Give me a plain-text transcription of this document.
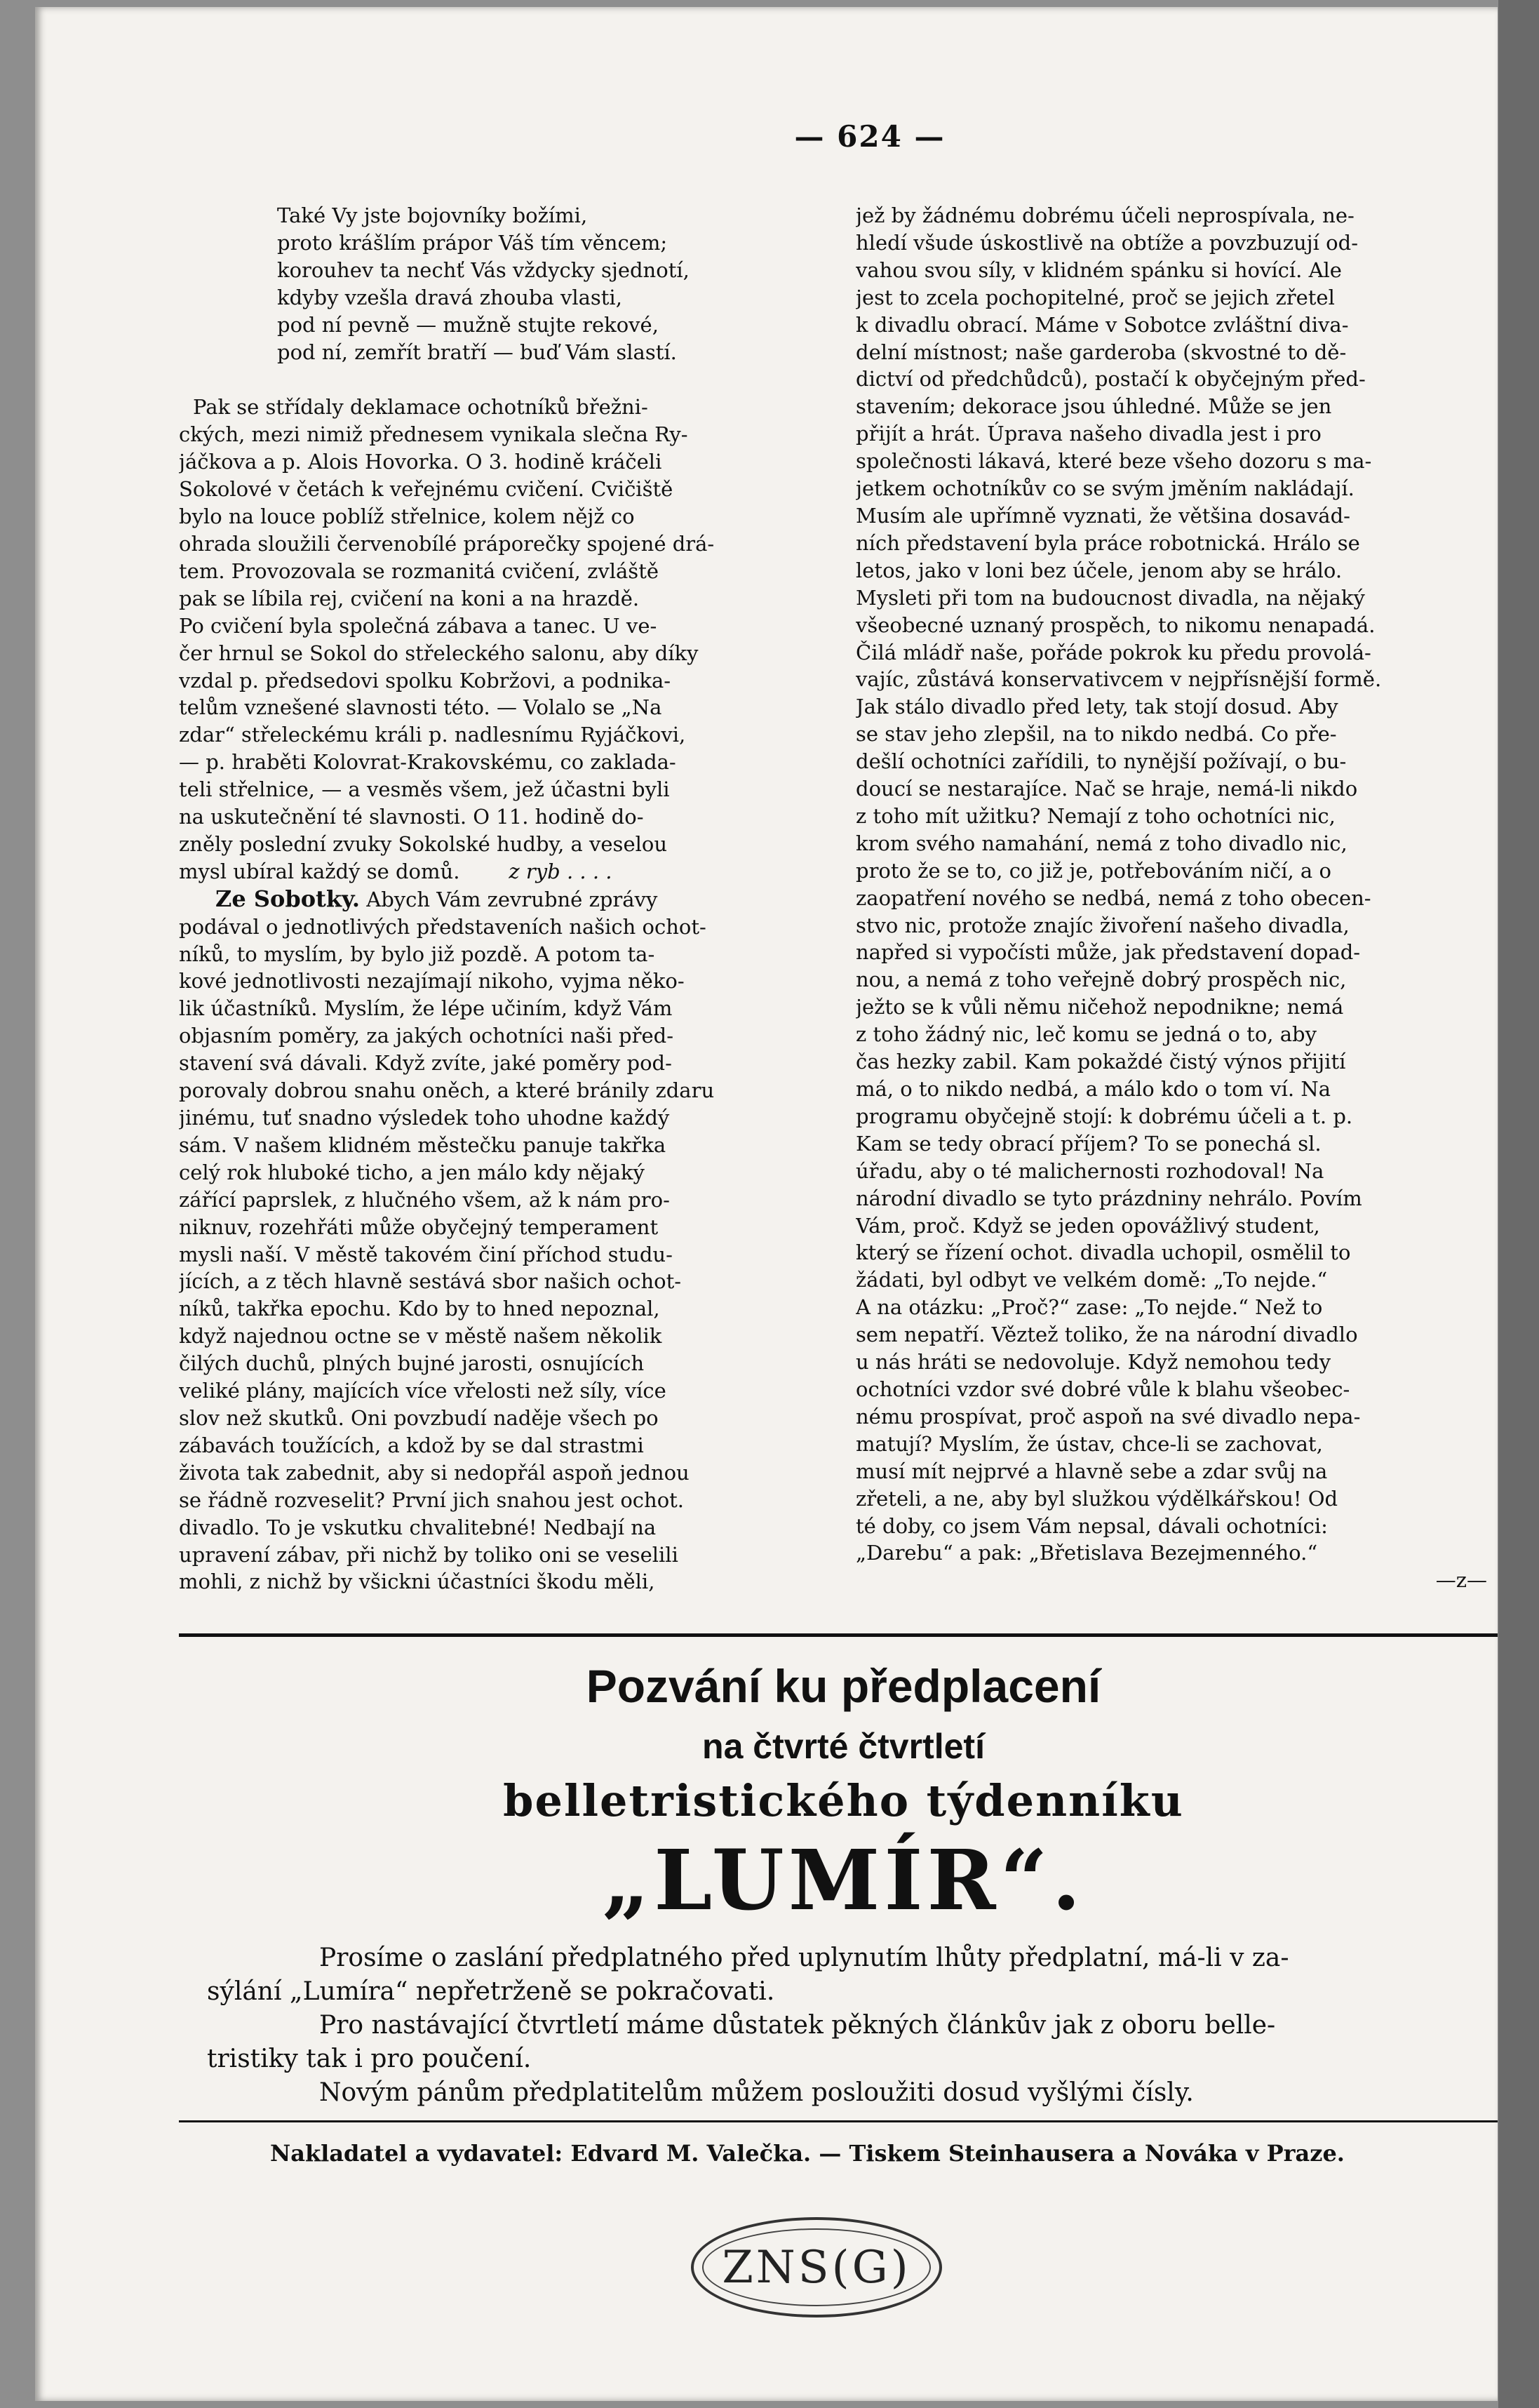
— 624 —
Také Vy jste bojovníky božími,
proto krášlím prápor Váš tím věncem;
korouhev ta nechť Vás vždycky sjednotí,
kdyby vzešla dravá zhouba vlasti,
pod ní pevně — mužně stujte rekové,
pod ní, zemřít bratří — buď Vám slastí.
Pak se střídaly deklamace ochotníků břežni-
ckých, mezi nimiž přednesem vynikala slečna Ry-
jáčkova a p. Alois Hovorka. O 3. hodině kráčeli
Sokolové v četách k veřejnému cvičení. Cvičiště
bylo na louce poblíž střelnice, kolem nějž co
ohrada sloužili červenobílé práporečky spojené drá-
tem. Provozovala se rozmanitá cvičení, zvláště
pak se líbila rej, cvičení na koni a na hrazdě.
Po cvičení byla společná zábava a tanec. U ve-
čer hrnul se Sokol do střeleckého salonu, aby díky
vzdal p. předsedovi spolku Kobržovi, a podnika-
telům vznešené slavnosti této. — Volalo se „Na
zdar“ střeleckému králi p. nadlesnímu Ryjáčkovi,
— p. hraběti Kolovrat-Krakovskému, co zaklada-
teli střelnice, — a vesměs všem, jež účastni byli
na uskutečnění té slavnosti. O 11. hodině do-
zněly poslední zvuky Sokolské hudby, a veselou
mysl ubíral každý se domů. z ryb . . . .
Ze Sobotky. Abych Vám zevrubné zprávy
podával o jednotlivých představeních našich ochot-
níků, to myslím, by bylo již pozdě. A potom ta-
kové jednotlivosti nezajímají nikoho, vyjma něko-
lik účastníků. Myslím, že lépe učiním, když Vám
objasním poměry, za jakých ochotníci naši před-
stavení svá dávali. Když zvíte, jaké poměry pod-
porovaly dobrou snahu oněch, a které bránily zdaru
jinému, tuť snadno výsledek toho uhodne každý
sám. V našem klidném městečku panuje takřka
celý rok hluboké ticho, a jen málo kdy nějaký
zářící paprslek, z hlučného všem, až k nám pro-
niknuv, rozehřáti může obyčejný temperament
mysli naší. V městě takovém činí příchod studu-
jících, a z těch hlavně sestává sbor našich ochot-
níků, takřka epochu. Kdo by to hned nepoznal,
když najednou octne se v městě našem několik
čilých duchů, plných bujné jarosti, osnujících
veliké plány, majících více vřelosti než síly, více
slov než skutků. Oni povzbudí naděje všech po
zábavách toužících, a kdož by se dal strastmi
života tak zabednit, aby si nedopřál aspoň jednou
se řádně rozveselit? První jich snahou jest ochot.
divadlo. To je vskutku chvalitebné! Nedbají na
upravení zábav, při nichž by toliko oni se veselili
mohli, z nichž by všickni účastníci škodu měli,
jež by žádnému dobrému účeli neprospívala, ne-
hledí všude úskostlivě na obtíže a povzbuzují od-
vahou svou síly, v klidném spánku si hovící. Ale
jest to zcela pochopitelné, proč se jejich zřetel
k divadlu obrací. Máme v Sobotce zvláštní diva-
delní místnost; naše garderoba (skvostné to dě-
dictví od předchůdců), postačí k obyčejným před-
stavením; dekorace jsou úhledné. Může se jen
přijít a hrát. Úprava našeho divadla jest i pro
společnosti lákavá, které beze všeho dozoru s ma-
jetkem ochotníkův co se svým jměním nakládají.
Musím ale upřímně vyznati, že většina dosavád-
ních představení byla práce robotnická. Hrálo se
letos, jako v loni bez účele, jenom aby se hrálo.
Mysleti při tom na budoucnost divadla, na nějaký
všeobecné uznaný prospěch, to nikomu nenapadá.
Čilá mládř naše, pořáde pokrok ku předu provolá-
vajíc, zůstává konservativcem v nejpřísnější formě.
Jak stálo divadlo před lety, tak stojí dosud. Aby
se stav jeho zlepšil, na to nikdo nedbá. Co pře-
dešlí ochotníci zařídili, to nynější požívají, o bu-
doucí se nestarajíce. Nač se hraje, nemá-li nikdo
z toho mít užitku? Nemají z toho ochotníci nic,
krom svého namahání, nemá z toho divadlo nic,
proto že se to, co již je, potřebováním ničí, a o
zaopatření nového se nedbá, nemá z toho obecen-
stvo nic, protože znajíc živoření našeho divadla,
napřed si vypočísti může, jak představení dopad-
nou, a nemá z toho veřejně dobrý prospěch nic,
ježto se k vůli němu ničehož nepodnikne; nemá
z toho žádný nic, leč komu se jedná o to, aby
čas hezky zabil. Kam pokaždé čistý výnos přijití
má, o to nikdo nedbá, a málo kdo o tom ví. Na
programu obyčejně stojí: k dobrému účeli a t. p.
Kam se tedy obrací příjem? To se ponechá sl.
úřadu, aby o té malichernosti rozhodoval! Na
národní divadlo se tyto prázdniny nehrálo. Povím
Vám, proč. Když se jeden opovážlivý student,
který se řízení ochot. divadla uchopil, osmělil to
žádati, byl odbyt ve velkém domě: „To nejde.“
A na otázku: „Proč?“ zase: „To nejde.“ Než to
sem nepatří. Věztež toliko, že na národní divadlo
u nás hráti se nedovoluje. Když nemohou tedy
ochotníci vzdor své dobré vůle k blahu všeobec-
nému prospívat, proč aspoň na své divadlo nepa-
matují? Myslím, že ústav, chce-li se zachovat,
musí mít nejprvé a hlavně sebe a zdar svůj na
zřeteli, a ne, aby byl služkou výdělkářskou! Od
té doby, co jsem Vám nepsal, dávali ochotníci:
„Darebu“ a pak: „Břetislava Bezejmenného.“
—z—
Pozvání ku předplacení
na čtvrté čtvrtletí
belletristického týdenníku
„LUMÍR“.
Prosíme o zaslání předplatného před uplynutím lhůty předplatní, má-li v za-
sýlání „Lumíra“ nepřetrženě se pokračovati.
Pro nastávající čtvrtletí máme důstatek pěkných článkův jak z oboru belle-
tristiky tak i pro poučení.
Novým pánům předplatitelům můžem posloužiti dosud vyšlými čísly.
Nakladatel a vydavatel: Edvard M. Valečka. — Tiskem Steinhausera a Nováka v Praze.
ZNS(G)
